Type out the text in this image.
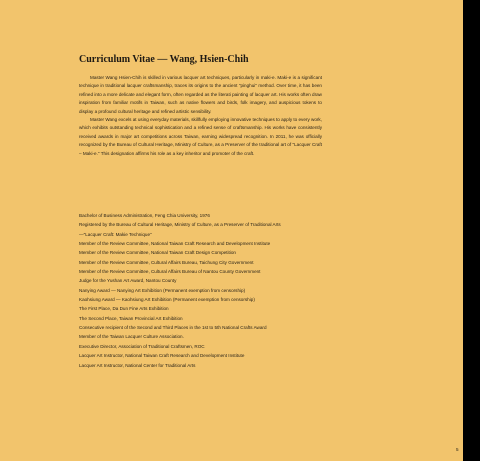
Curriculum Vitae — Wang, Hsien-Chih

Master Wang Hsien-Chih is skilled in various lacquer art techniques, particularly in maki-e. Maki-e is a significant technique in traditional lacquer craftsmanship, traces its origins to the ancient "pinghui" method. Over time, it has been refined into a more delicate and elegant form, often regarded as the literati painting of lacquer art. His works often draw inspiration from familiar motifs in Taiwan, such as native flowers and birds, folk imagery, and auspicious tokens to display a profound cultural heritage and refined artistic sensibility.

Master Wang excels at using everyday materials, skillfully employing innovative techniques to apply to every work, which exhibits outstanding technical sophistication and a refined sense of craftsmanship. His works have consistently received awards in major art competitions across Taiwan, earning widespread recognition. In 2011, he was officially recognized by the Bureau of Cultural Heritage, Ministry of Culture, as a Preserver of the traditional art of "Lacquer Craft – Maki-e." This designation affirms his role as a key inheritor and promoter of the craft.

Bachelor of Business Administration, Feng Chia University, 1976
Registered by the Bureau of Cultural Heritage, Ministry of Culture, as a Preserver of Traditional Arts
—"Lacquer Craft: Makie Technique"
Member of the Review Committee, National Taiwan Craft Research and Development Institute
Member of the Review Committee, National Taiwan Craft Design Competition
Member of the Review Committee, Cultural Affairs Bureau, Taichung City Government
Member of the Review Committee, Cultural Affairs Bureau of Nantou County Government
Judge for the Yushan Art Award, Nantou County
Nanying Award — Nanying Art Exhibition (Permanent exemption from censorship)
Kaohsiung Award — Kaohsiung Art Exhibition (Permanent exemption from censorship)
The First Place, Da Dun Fine Arts Exhibition
The Second Place, Taiwan Provincial Art Exhibition
Consecutive recipient of the Second and Third Places in the 1st to 5th National Crafts Award
Member of the Taiwan Lacquer Culture Association.
Executive Director, Association of Traditional Craftsmen, ROC
Lacquer Art Instructor, National Taiwan Craft Research and Development Institute
Lacquer Art Instructor, National Center for Traditional Arts
5
